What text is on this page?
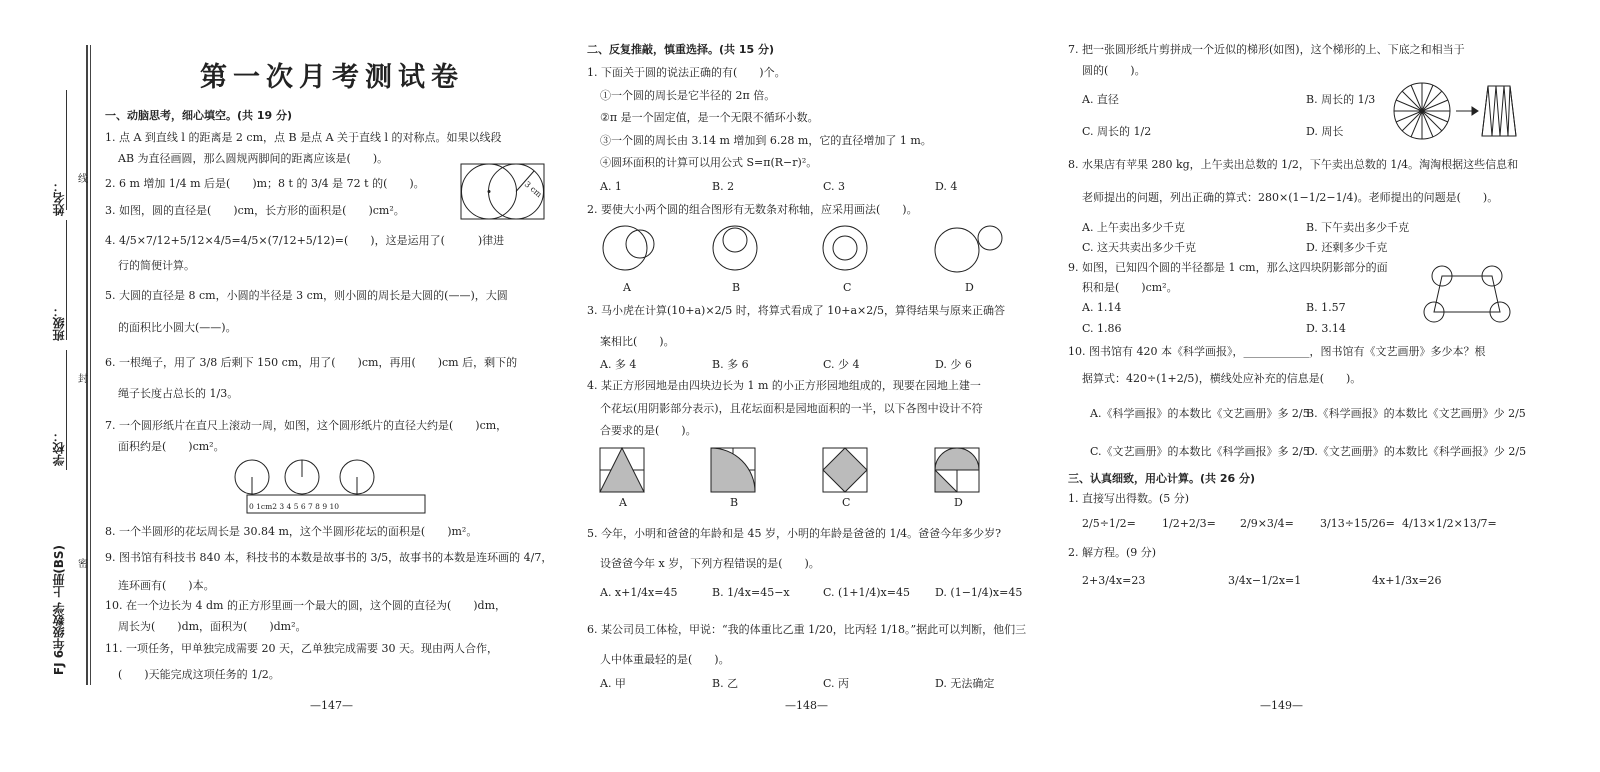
姓名：
班级：
学校：
FJ 6年级数学 上册(BS)
线
封
密
第一次月考测试卷
一、动脑思考，细心填空。(共 19 分)
1. 点 A 到直线 l 的距离是 2 cm，点 B 是点 A 关于直线 l 的对称点。如果以线段
AB 为直径画圆，那么圆规两脚间的距离应该是(　　)。
2. 6 m 增加 1/4 m 后是(　　)m；8 t 的 3/4 是 72 t 的(　　)。
3. 如图，圆的直径是(　　)cm，长方形的面积是(　　)cm²。
3 cm
4. 4/5×7/12+5/12×4/5=4/5×(7/12+5/12)=(　　)，这是运用了(　　　)律进
行的简便计算。
5. 大圆的直径是 8 cm，小圆的半径是 3 cm，则小圆的周长是大圆的(——)，大圆
的面积比小圆大(——)。
6. 一根绳子，用了 3/8 后剩下 150 cm，用了(　　)cm，再用(　　)cm 后，剩下的
绳子长度占总长的 1/3。
7. 一个圆形纸片在直尺上滚动一周，如图，这个圆形纸片的直径大约是(　　)cm，
面积约是(　　)cm²。
0 1cm2 3 4 5 6 7 8 9 10
8. 一个半圆形的花坛周长是 30.84 m，这个半圆形花坛的面积是(　　)m²。
9. 图书馆有科技书 840 本，科技书的本数是故事书的 3/5，故事书的本数是连环画的 4/7，
连环画有(　　)本。
10. 在一个边长为 4 dm 的正方形里画一个最大的圆，这个圆的直径为(　　)dm，
周长为(　　)dm，面积为(　　)dm²。
11. 一项任务，甲单独完成需要 20 天，乙单独完成需要 30 天。现由两人合作，
(　　)天能完成这项任务的 1/2。
—147—
二、反复推敲，慎重选择。(共 15 分)
1. 下面关于圆的说法正确的有(　　)个。
①一个圆的周长是它半径的 2π 倍。
②π 是一个固定值，是一个无限不循环小数。
③一个圆的周长由 3.14 m 增加到 6.28 m，它的直径增加了 1 m。
④圆环面积的计算可以用公式 S=π(R−r)²。
A. 1	B. 2	C. 3	D. 4
2. 要使大小两个圆的组合图形有无数条对称轴，应采用画法(　　)。
A	B	C	D
3. 马小虎在计算(10+a)×2/5 时，将算式看成了 10+a×2/5，算得结果与原来正确答
案相比(　　)。
A. 多 4	B. 多 6	C. 少 4	D. 少 6
4. 某正方形园地是由四块边长为 1 m 的小正方形园地组成的，现要在园地上建一
个花坛(用阴影部分表示)，且花坛面积是园地面积的一半，以下各图中设计不符
合要求的是(　　)。
A	B	C	D
5. 今年，小明和爸爸的年龄和是 45 岁，小明的年龄是爸爸的 1/4。爸爸今年多少岁?
设爸爸今年 x 岁，下列方程错误的是(　　)。
A. x+1/4x=45	B. 1/4x=45−x	C. (1+1/4)x=45 D. (1−1/4)x=45
6. 某公司员工体检，甲说：“我的体重比乙重 1/20，比丙轻 1/18。”据此可以判断，他们三
人中体重最轻的是(　　)。
A. 甲	B. 乙	C. 丙	D. 无法确定
—148—
7. 把一张圆形纸片剪拼成一个近似的梯形(如图)，这个梯形的上、下底之和相当于
圆的(　　)。
A. 直径	B. 周长的 1/3
C. 周长的 1/2	D. 周长
8. 水果店有苹果 280 kg，上午卖出总数的 1/2，下午卖出总数的 1/4。淘淘根据这些信息和
老师提出的问题，列出正确的算式：280×(1−1/2−1/4)。老师提出的问题是(　　)。
A. 上午卖出多少千克	B. 下午卖出多少千克
C. 这天共卖出多少千克	D. 还剩多少千克
9. 如图，已知四个圆的半径都是 1 cm，那么这四块阴影部分的面
积和是(　　)cm²。
A. 1.14	B. 1.57
C. 1.86	D. 3.14
10. 图书馆有 420 本《科学画报》，____________，图书馆有《文艺画册》多少本？根
据算式：420÷(1+2/5)，横线处应补充的信息是(　　)。
A.《科学画报》的本数比《文艺画册》多 2/5
B.《科学画报》的本数比《文艺画册》少 2/5
C.《文艺画册》的本数比《科学画报》多 2/5
D.《文艺画册》的本数比《科学画报》少 2/5
三、认真细致，用心计算。(共 26 分)
1. 直接写出得数。(5 分)
2/5÷1/2= 1/2+2/3= 2/9×3/4= 3/13÷15/26= 4/13×1/2×13/7=
2. 解方程。(9 分)
2+3/4x=23	3/4x−1/2x=1	4x+1/3x=26
—149—
